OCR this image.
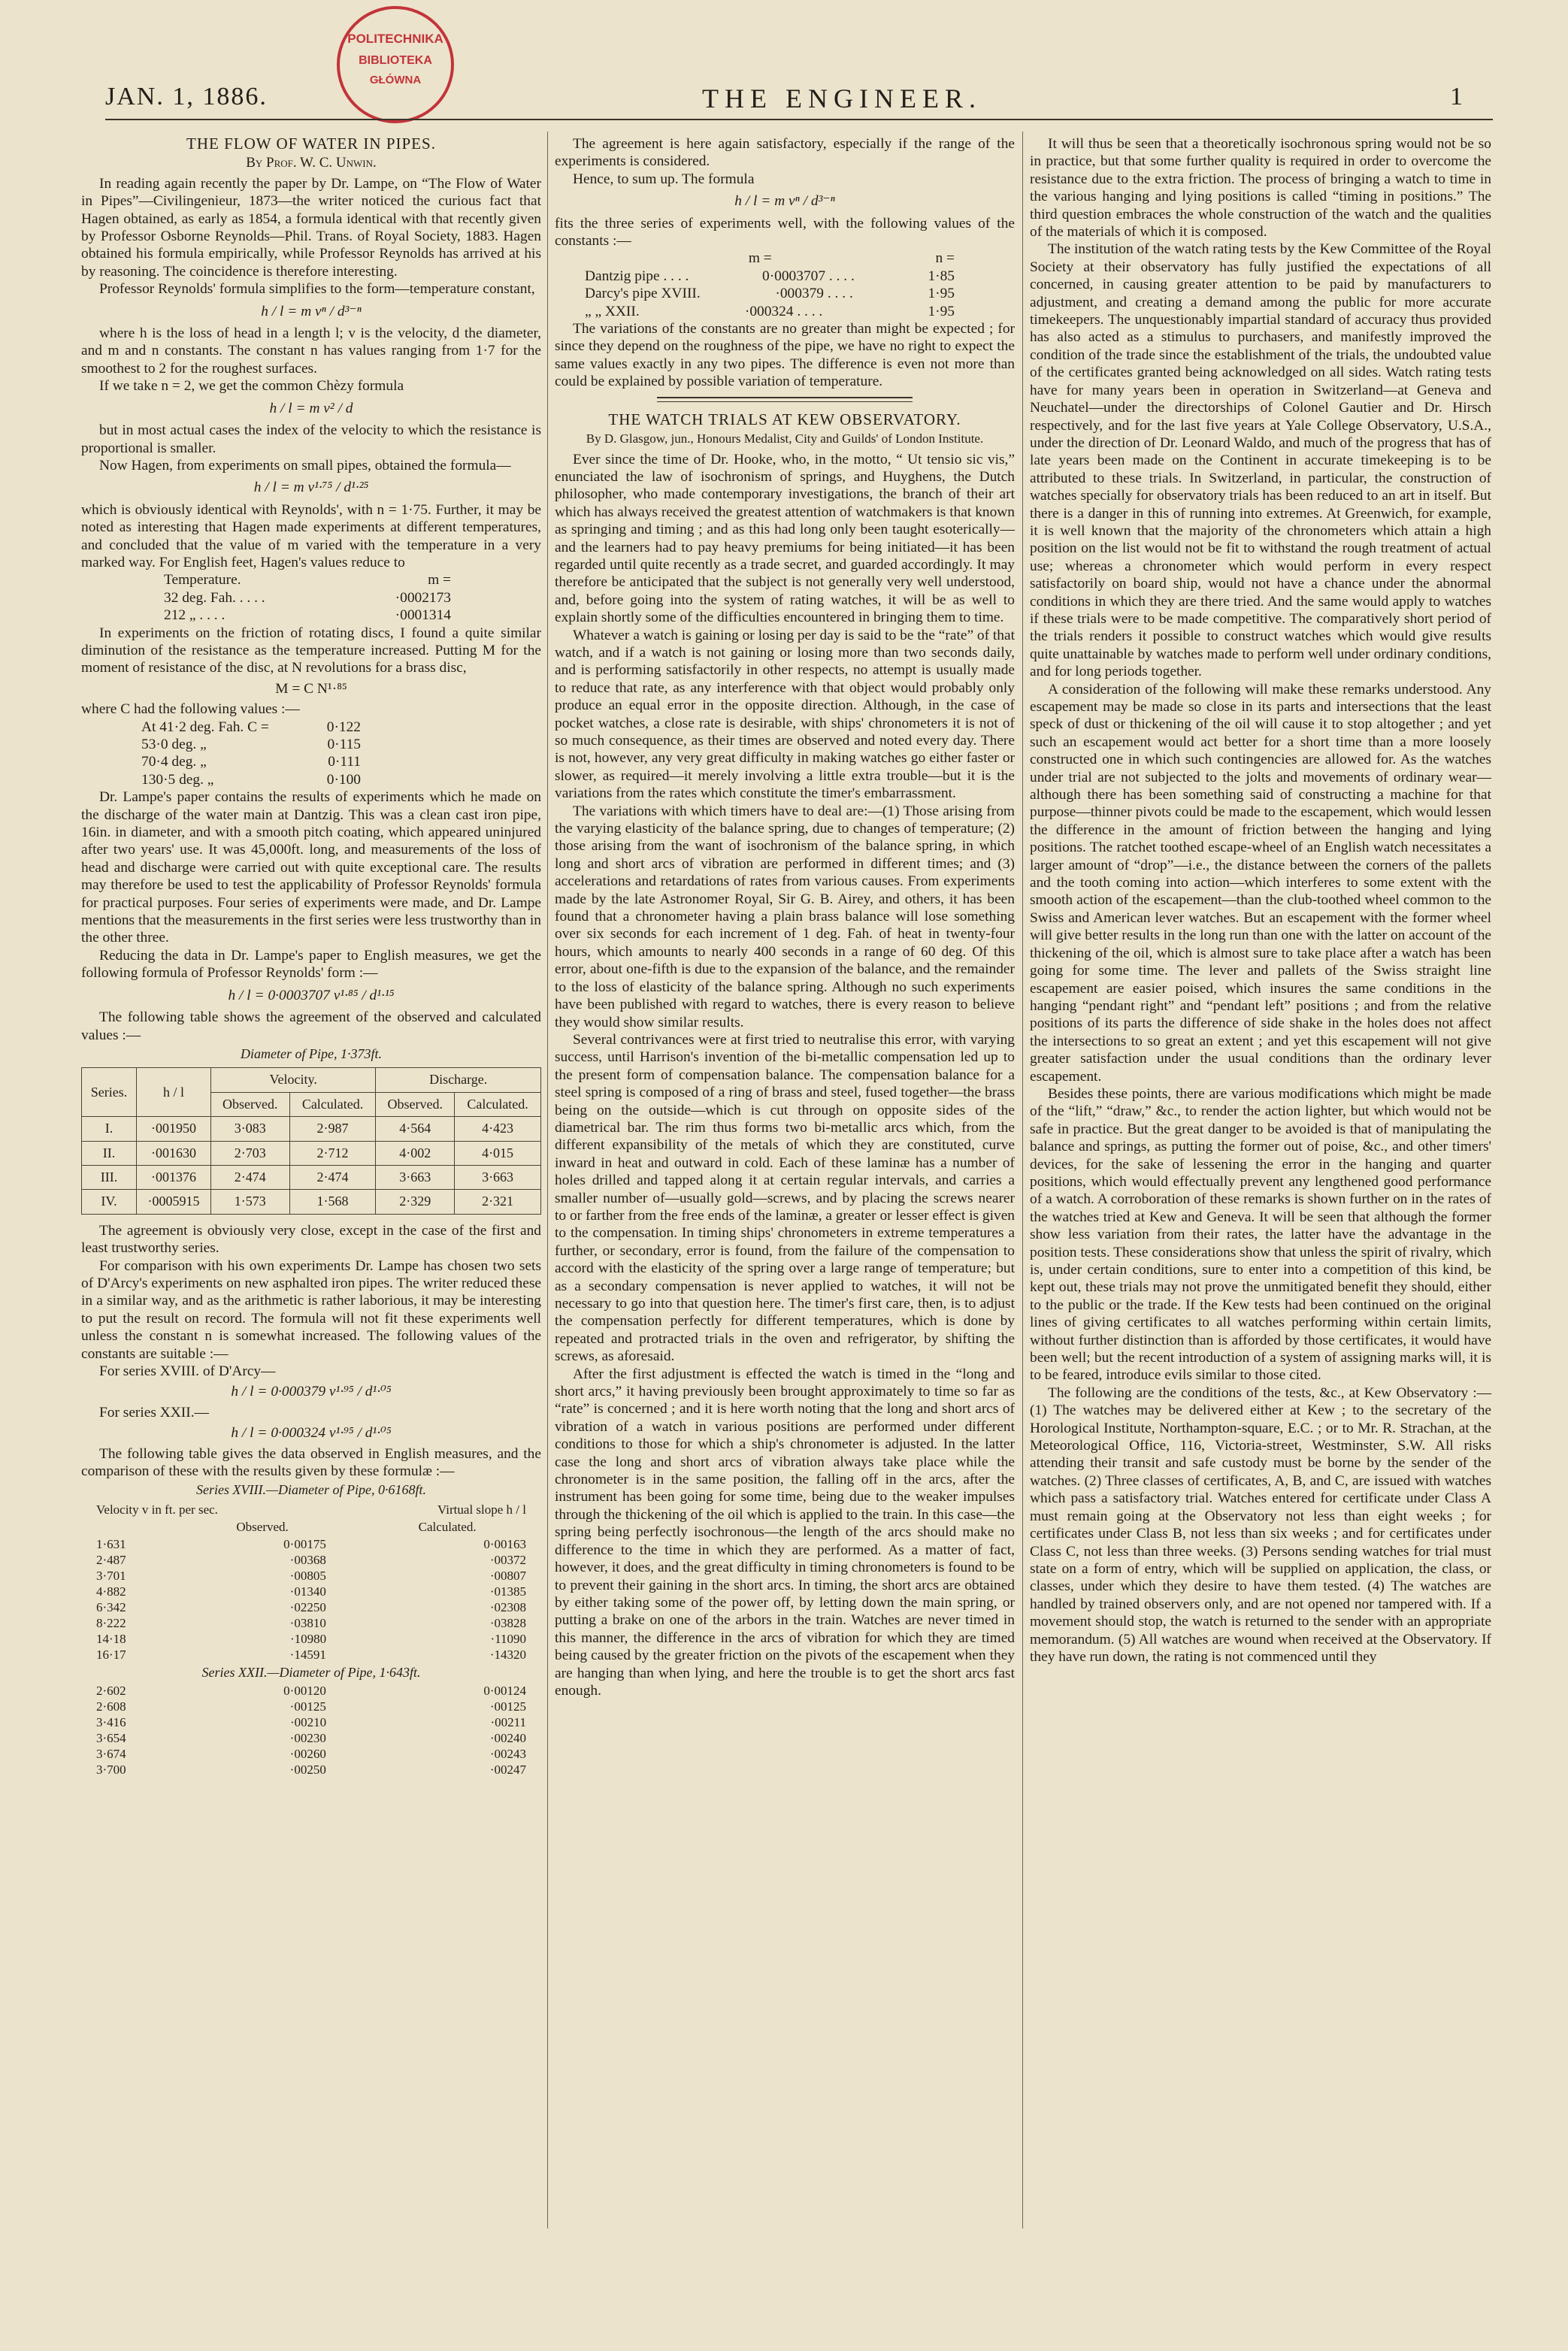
POLITECHNIKA
BIBLIOTEKA
GŁÓWNA
JAN. 1, 1886.	THE ENGINEER.	1
THE FLOW OF WATER IN PIPES.
By Prof. W. C. Unwin.

In reading again recently the paper by Dr. Lampe, on “The Flow of Water in Pipes”—Civilingenieur, 1873—the writer noticed the curious fact that Hagen obtained, as early as 1854, a formula identical with that recently given by Professor Osborne Reynolds—Phil. Trans. of Royal Society, 1883. Hagen obtained his formula empirically, while Professor Reynolds has arrived at his by reasoning. The coincidence is therefore interesting.

Professor Reynolds' formula simplifies to the form—temperature constant,

h / l = m vⁿ / d³⁻ⁿ

where h is the loss of head in a length l; v is the velocity, d the diameter, and m and n constants. The constant n has values ranging from 1·7 for the smoothest to 2 for the roughest surfaces.

If we take n = 2, we get the common Chèzy formula

h / l = m v² / d

but in most actual cases the index of the velocity to which the resistance is proportional is smaller.

Now Hagen, from experiments on small pipes, obtained the formula—

h / l = m v¹·⁷⁵ / d¹·²⁵

which is obviously identical with Reynolds', with n = 1·75. Further, it may be noted as interesting that Hagen made experiments at different temperatures, and concluded that the value of m varied with the temperature in a very marked way. For English feet, Hagen's values reduce to

Temperature.	m =
32 deg. Fah. . . . .	·0002173
212 „ . . . .	·0001314

In experiments on the friction of rotating discs, I found a quite similar diminution of the resistance as the temperature increased. Putting M for the moment of resistance of the disc, at N revolutions for a brass disc,

M = C N¹·⁸⁵

where C had the following values :—

At 41·2 deg. Fah. C =	0·122
53·0 deg. „	0·115
70·4 deg. „	0·111
130·5 deg. „	0·100

Dr. Lampe's paper contains the results of experiments which he made on the discharge of the water main at Dantzig. This was a clean cast iron pipe, 16in. in diameter, and with a smooth pitch coating, which appeared uninjured after two years' use. It was 45,000ft. long, and measurements of the loss of head and discharge were carried out with quite exceptional care. The results may therefore be used to test the applicability of Professor Reynolds' formula for practical purposes. Four series of experiments were made, and Dr. Lampe mentions that the measurements in the first series were less trustworthy than in the other three.

Reducing the data in Dr. Lampe's paper to English measures, we get the following formula of Professor Reynolds' form :—

h / l = 0·0003707 v¹·⁸⁵ / d¹·¹⁵

The following table shows the agreement of the observed and calculated values :—

Diameter of Pipe, 1·373ft.
Series.	h / l	Velocity.		Discharge.	
		Observed.	Calculated.	Observed.	Calculated.
I.	·001950	3·083	2·987	4·564	4·423
II.	·001630	2·703	2·712	4·002	4·015
III.	·001376	2·474	2·474	3·663	3·663
IV.	·0005915	1·573	1·568	2·329	2·321

The agreement is obviously very close, except in the case of the first and least trustworthy series.

For comparison with his own experiments Dr. Lampe has chosen two sets of D'Arcy's experiments on new asphalted iron pipes. The writer reduced these in a similar way, and as the arithmetic is rather laborious, it may be interesting to put the result on record. The formula will not fit these experiments well unless the constant n is somewhat increased. The following values of the constants are suitable :—

For series XVIII. of D'Arcy—

h / l = 0·000379 v¹·⁹⁵ / d¹·⁰⁵

For series XXII.—

h / l = 0·000324 v¹·⁹⁵ / d¹·⁰⁵

The following table gives the data observed in English measures, and the comparison of these with the results given by these formulæ :—

Series XVIII.—Diameter of Pipe, 0·6168ft.
Velocity v in ft. per sec.	Virtual slope h / l
Observed.	Calculated.
1·631	0·00175	0·00163
2·487	·00368	·00372
3·701	·00805	·00807
4·882	·01340	·01385
6·342	·02250	·02308
8·222	·03810	·03828
14·18	·10980	·11090
16·17	·14591	·14320
Series XXII.—Diameter of Pipe, 1·643ft.
2·602	0·00120	0·00124
2·608	·00125	·00125
3·416	·00210	·00211
3·654	·00230	·00240
3·674	·00260	·00243
3·700	·00250	·00247

The agreement is here again satisfactory, especially if the range of the experiments is considered.

Hence, to sum up. The formula

h / l = m vⁿ / d³⁻ⁿ

fits the three series of experiments well, with the following values of the constants :—

m =	n =
Dantzig pipe . . . .	0·0003707 . . . .	1·85
Darcy's pipe XVIII.	·000379 . . . .	1·95
„ „ XXII.	·000324 . . . .	1·95

The variations of the constants are no greater than might be expected ; for since they depend on the roughness of the pipe, we have no right to expect the same values exactly in any two pipes. The difference is even not more than could be explained by possible variation of temperature.

THE WATCH TRIALS AT KEW OBSERVATORY.
By D. Glasgow, jun., Honours Medalist, City and Guilds' of London Institute.

Ever since the time of Dr. Hooke, who, in the motto, “ Ut tensio sic vis,” enunciated the law of isochronism of springs, and Huyghens, the Dutch philosopher, who made contemporary investigations, the branch of their art which has always received the greatest attention of watchmakers is that known as springing and timing ; and as this had long only been taught esoterically—and the learners had to pay heavy premiums for being initiated—it has been regarded until quite recently as a trade secret, and guarded accordingly. It may therefore be anticipated that the subject is not generally very well understood, and, before going into the system of rating watches, it will be as well to explain shortly some of the difficulties encountered in bringing them to time.

Whatever a watch is gaining or losing per day is said to be the “rate” of that watch, and if a watch is not gaining or losing more than two seconds daily, and is performing satisfactorily in other respects, no attempt is usually made to reduce that rate, as any interference with that object would probably only produce an equal error in the opposite direction. Although, in the case of pocket watches, a close rate is desirable, with ships' chronometers it is not of so much consequence, as their times are observed and noted every day. There is not, however, any very great difficulty in making watches go either faster or slower, as required—it merely involving a little extra trouble—but it is the variations from the rates which constitute the timer's embarrassment.

The variations with which timers have to deal are:—(1) Those arising from the varying elasticity of the balance spring, due to changes of temperature; (2) those arising from the want of isochronism of the balance spring, in which long and short arcs of vibration are performed in different times; and (3) accelerations and retardations of rates from various causes. From experiments made by the late Astronomer Royal, Sir G. B. Airey, and others, it has been found that a chronometer having a plain brass balance will lose something over six seconds for each increment of 1 deg. Fah. of heat in twenty-four hours, which amounts to nearly 400 seconds in a range of 60 deg. Of this error, about one-fifth is due to the expansion of the balance, and the remainder to the loss of elasticity of the balance spring. Although no such experiments have been published with regard to watches, there is every reason to believe they would show similar results.

Several contrivances were at first tried to neutralise this error, with varying success, until Harrison's invention of the bi-metallic compensation led up to the present form of compensation balance. The compensation balance for a steel spring is composed of a ring of brass and steel, fused together—the brass being on the outside—which is cut through on opposite sides of the diametrical bar. The rim thus forms two bi-metallic arcs which, from the different expansibility of the metals of which they are constituted, curve inward in heat and outward in cold. Each of these laminæ has a number of holes drilled and tapped along it at certain regular intervals, and carries a smaller number of—usually gold—screws, and by placing the screws nearer to or farther from the free ends of the laminæ, a greater or lesser effect is given to the compensation. In timing ships' chronometers in extreme temperatures a further, or secondary, error is found, from the failure of the compensation to accord with the elasticity of the spring over a large range of temperature; but as a secondary compensation is never applied to watches, it will not be necessary to go into that question here. The timer's first care, then, is to adjust the compensation perfectly for different temperatures, which is done by repeated and protracted trials in the oven and refrigerator, by shifting the screws, as aforesaid.

After the first adjustment is effected the watch is timed in the “long and short arcs,” it having previously been brought approximately to time so far as “rate” is concerned ; and it is here worth noting that the long and short arcs of vibration of a watch in various positions are performed under different conditions to those for which a ship's chronometer is adjusted. In the latter case the long and short arcs of vibration always take place while the chronometer is in the same position, the falling off in the arcs, after the instrument has been going for some time, being due to the weaker impulses through the thickening of the oil which is applied to the train. In this case—the spring being perfectly isochronous—the length of the arcs should make no difference to the time in which they are performed. As a matter of fact, however, it does, and the great difficulty in timing chronometers is found to be to prevent their gaining in the short arcs. In timing, the short arcs are obtained by either taking some of the power off, by letting down the main spring, or putting a brake on one of the arbors in the train. Watches are never timed in this manner, the difference in the arcs of vibration for which they are timed being caused by the greater friction on the pivots of the escapement when they are hanging than when lying, and here the trouble is to get the short arcs fast enough.

It will thus be seen that a theoretically isochronous spring would not be so in practice, but that some further quality is required in order to overcome the resistance due to the extra friction. The process of bringing a watch to time in the various hanging and lying positions is called “timing in positions.” The third question embraces the whole construction of the watch and the qualities of the materials of which it is composed.

The institution of the watch rating tests by the Kew Committee of the Royal Society at their observatory has fully justified the expectations of all concerned, in causing greater attention to be paid by manufacturers to adjustment, and creating a demand among the public for more accurate timekeepers. The unquestionably impartial standard of accuracy thus provided has also acted as a stimulus to purchasers, and manifestly improved the condition of the trade since the establishment of the trials, the undoubted value of the certificates granted being acknowledged on all sides. Watch rating tests have for many years been in operation in Switzerland—at Geneva and Neuchatel—under the directorships of Colonel Gautier and Dr. Hirsch respectively, and for the last five years at Yale College Observatory, U.S.A., under the direction of Dr. Leonard Waldo, and much of the progress that has of late years been made on the Continent in accurate timekeeping is to be attributed to these trials. In Switzerland, in particular, the construction of watches specially for observatory trials has been reduced to an art in itself. But there is a danger in this of running into extremes. At Greenwich, for example, it is well known that the majority of the chronometers which attain a high position on the list would not be fit to withstand the rough treatment of actual use; whereas a chronometer which would perform in every respect satisfactorily on board ship, would not have a chance under the abnormal conditions in which they are there tried. And the same would apply to watches if these trials were to be made competitive. The comparatively short period of the trials renders it possible to construct watches which would give results quite unattainable by watches made to perform well under ordinary conditions, and for long periods together.

A consideration of the following will make these remarks understood. Any escapement may be made so close in its parts and intersections that the least speck of dust or thickening of the oil will cause it to stop altogether ; and yet such an escapement would act better for a short time than a more loosely constructed one in which such contingencies are allowed for. As the watches under trial are not subjected to the jolts and movements of ordinary wear—although there has been something said of constructing a machine for that purpose—thinner pivots could be made to the escapement, which would lessen the difference in the amount of friction between the hanging and lying positions. The ratchet toothed escape-wheel of an English watch necessitates a larger amount of “drop”—i.e., the distance between the corners of the pallets and the tooth coming into action—which interferes to some extent with the smooth action of the escapement—than the club-toothed wheel common to the Swiss and American lever watches. But an escapement with the former wheel will give better results in the long run than one with the latter on account of the thickening of the oil, which is almost sure to take place after a watch has been going for some time. The lever and pallets of the Swiss straight line escapement are easier poised, which insures the same conditions in the hanging “pendant right” and “pendant left” positions ; and from the relative positions of its parts the difference of side shake in the holes does not affect the intersections to so great an extent ; and yet this escapement will not give greater satisfaction under the usual conditions than the ordinary lever escapement.

Besides these points, there are various modifications which might be made of the “lift,” “draw,” &c., to render the action lighter, but which would not be safe in practice. But the great danger to be avoided is that of manipulating the balance and springs, as putting the former out of poise, &c., and other timers' devices, for the sake of lessening the error in the hanging and quarter positions, which would effectually prevent any lengthened good performance of a watch. A corroboration of these remarks is shown further on in the rates of the watches tried at Kew and Geneva. It will be seen that although the former show less variation from their rates, the latter have the advantage in the position tests. These considerations show that unless the spirit of rivalry, which is, under certain conditions, sure to enter into a competition of this kind, be kept out, these trials may not prove the unmitigated benefit they should, either to the public or the trade. If the Kew tests had been continued on the original lines of giving certificates to all watches performing within certain limits, without further distinction than is afforded by those certificates, it would have been well; but the recent introduction of a system of assigning marks will, it is to be feared, introduce evils similar to those cited.

The following are the conditions of the tests, &c., at Kew Observatory :—(1) The watches may be delivered either at Kew ; to the secretary of the Horological Institute, Northampton-square, E.C. ; or to Mr. R. Strachan, at the Meteorological Office, 116, Victoria-street, Westminster, S.W. All risks attending their transit and safe custody must be borne by the sender of the watches. (2) Three classes of certificates, A, B, and C, are issued with watches which pass a satisfactory trial. Watches entered for certificate under Class A must remain going at the Observatory not less than eight weeks ; for certificates under Class B, not less than six weeks ; and for certificates under Class C, not less than three weeks. (3) Persons sending watches for trial must state on a form of entry, which will be supplied on application, the class, or classes, under which they desire to have them tested. (4) The watches are handled by trained observers only, and are not opened nor tampered with. If a movement should stop, the watch is returned to the sender with an appropriate memorandum. (5) All watches are wound when received at the Observatory. If they have run down, the rating is not commenced until they
